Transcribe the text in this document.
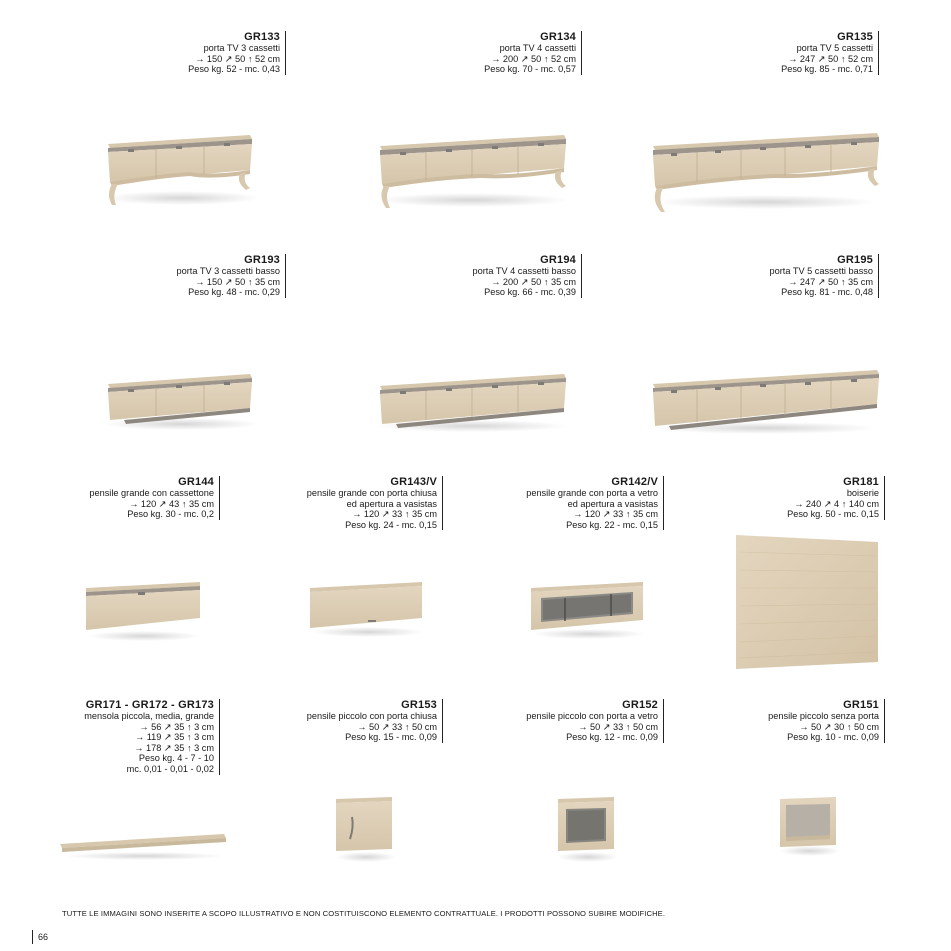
GR133
porta TV 3 cassetti
→ 150 ↗ 50 ↑ 52 cm
Peso kg. 52 - mc. 0,43
GR134
porta TV 4 cassetti
→ 200 ↗ 50 ↑ 52 cm
Peso kg. 70 - mc. 0,57
GR135
porta TV 5 cassetti
→ 247 ↗ 50 ↑ 52 cm
Peso kg. 85 - mc. 0,71
GR193
porta TV 3 cassetti basso
→ 150 ↗ 50 ↑ 35 cm
Peso kg. 48 - mc. 0,29
GR194
porta TV 4 cassetti basso
→ 200 ↗ 50 ↑ 35 cm
Peso kg. 66 - mc. 0,39
GR195
porta TV 5 cassetti basso
→ 247 ↗ 50 ↑ 35 cm
Peso kg. 81 - mc. 0,48
GR144
pensile grande con cassettone
→ 120 ↗ 43 ↑ 35 cm
Peso kg. 30 - mc. 0,2
GR143/V
pensile grande con porta chiusa
ed apertura a vasistas
→ 120 ↗ 33 ↑ 35 cm
Peso kg. 24 - mc. 0,15
GR142/V
pensile grande con porta a vetro
ed apertura a vasistas
→ 120 ↗ 33 ↑ 35 cm
Peso kg. 22 - mc. 0,15
GR181
boiserie
→ 240 ↗ 4 ↑ 140 cm
Peso kg. 50 - mc. 0,15
GR171 - GR172 - GR173
mensola piccola, media, grande
→ 56 ↗ 35 ↑ 3 cm
→ 119 ↗ 35 ↑ 3 cm
→ 178 ↗ 35 ↑ 3 cm
Peso kg. 4 - 7 - 10
mc. 0,01 - 0,01 - 0,02
GR153
pensile piccolo con porta chiusa
→ 50 ↗ 33 ↑ 50 cm
Peso kg. 15 - mc. 0,09
GR152
pensile piccolo con porta a vetro
→ 50 ↗ 33 ↑ 50 cm
Peso kg. 12 - mc. 0,09
GR151
pensile piccolo senza porta
→ 50 ↗ 30 ↑ 50 cm
Peso kg. 10 - mc. 0,09
TUTTE LE IMMAGINI SONO INSERITE A SCOPO ILLUSTRATIVO E NON COSTITUISCONO ELEMENTO CONTRATTUALE. I PRODOTTI POSSONO SUBIRE MODIFICHE.
66
